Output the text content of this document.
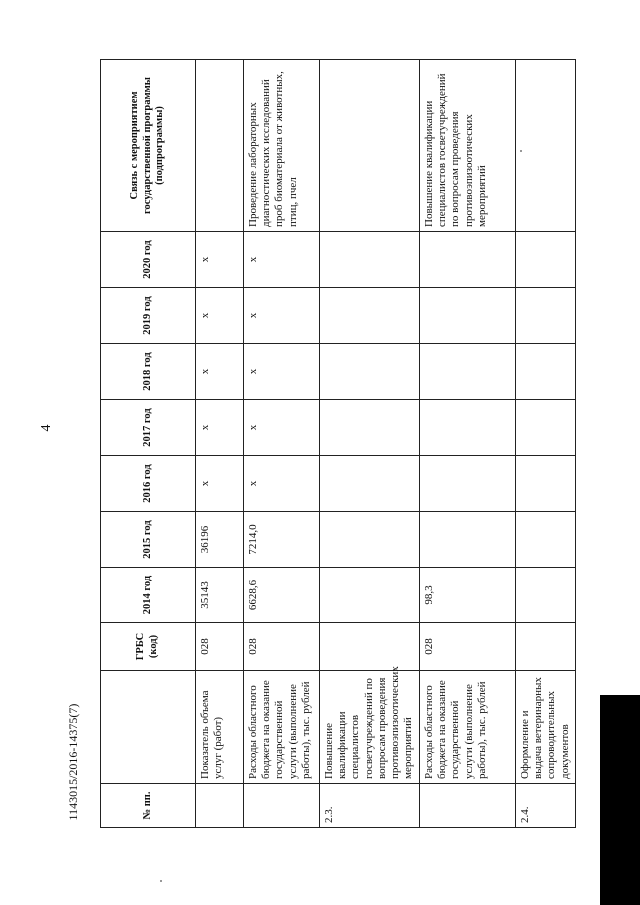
4
№ пп.		ГРБС (код)	2014 год	2015 год	2016 год	2017 год	2018 год	2019 год	2020 год	Связь с мероприятием государственной программы (подпрограммы)
	Показатель объема услуг (работ)	028	35143	36196	x	x	x	x	x	
	Расходы областного бюджета на оказание государственной услуги (выполнение работы), тыс. рублей	028	6628,6	7214,0	x	x	x	x	x	Проведение лабораторных диагностических исследований проб биоматериала от животных, птиц, пчел
2.3.	Повышение квалификации специалистов госветучреждений по вопросам проведения противоэпизоотических мероприятий									
	Расходы областного бюджета на оказание государственной услуги (выполнение работы), тыс. рублей	028	98,3							Повышение квалификации специалистов госветучреждений по вопросам проведения противоэпизоотических мероприятий
2.4.	Оформление и выдача ветеринарных сопроводительных документов									
1143015/2016-14375(7)
